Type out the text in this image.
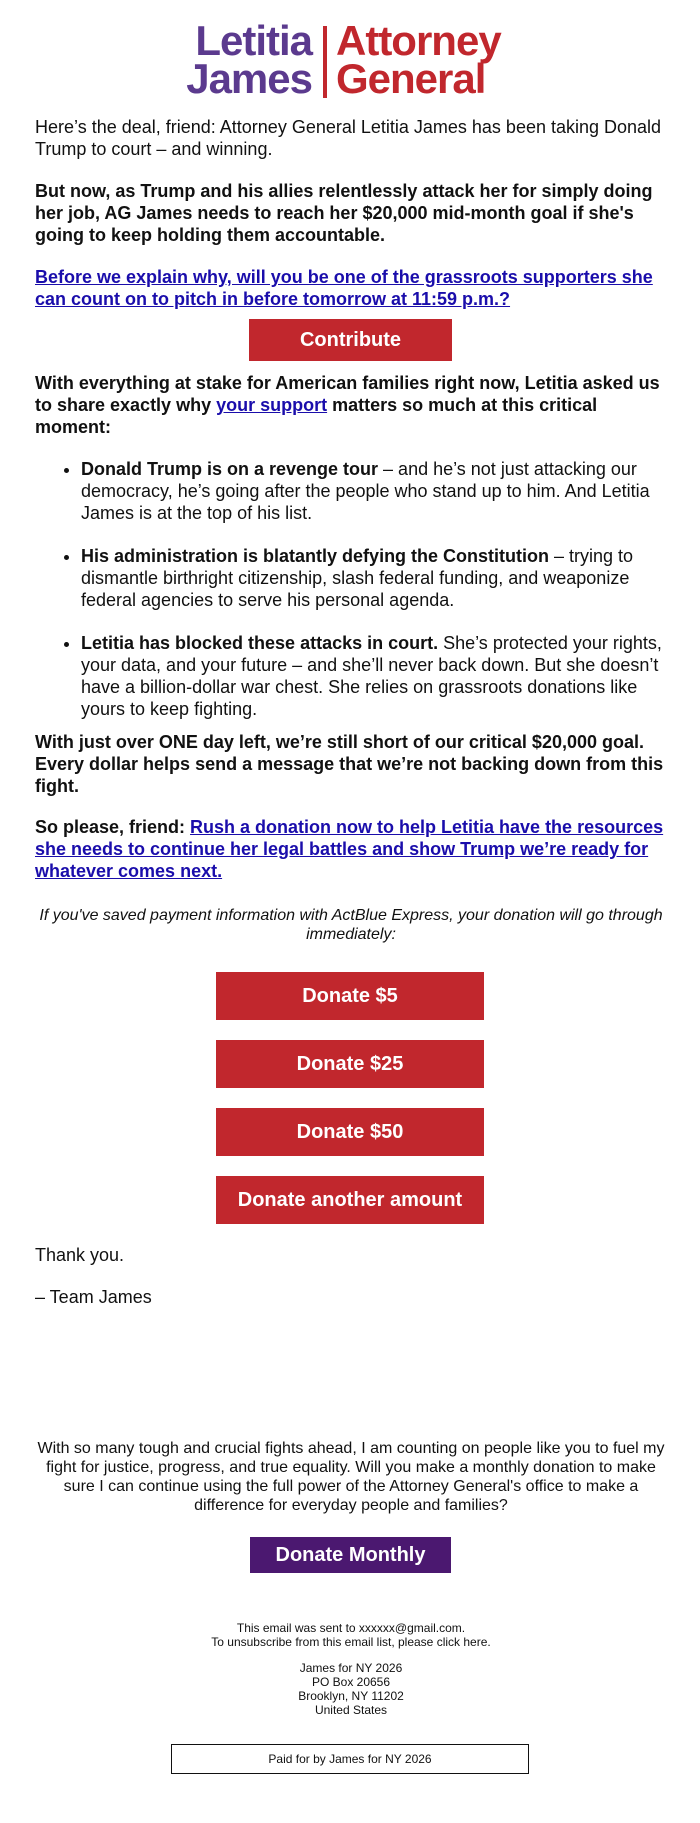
Letitia
James
Attorney
General

Here’s the deal, friend: Attorney General Letitia James has been taking Donald Trump to court – and winning.

But now, as Trump and his allies relentlessly attack her for simply doing her job, AG James needs to reach her $20,000 mid-month goal if she's going to keep holding them accountable.

Before we explain why, will you be one of the grassroots supporters she can count on to pitch in before tomorrow at 11:59 p.m.?

Contribute

With everything at stake for American families right now, Letitia asked us to share exactly why your support matters so much at this critical moment:

• Donald Trump is on a revenge tour – and he’s not just attacking our democracy, he’s going after the people who stand up to him. And Letitia James is at the top of his list.
• His administration is blatantly defying the Constitution – trying to dismantle birthright citizenship, slash federal funding, and weaponize federal agencies to serve his personal agenda.
• Letitia has blocked these attacks in court. She’s protected your rights, your data, and your future – and she’ll never back down. But she doesn’t have a billion-dollar war chest. She relies on grassroots donations like yours to keep fighting.

With just over ONE day left, we’re still short of our critical $20,000 goal. Every dollar helps send a message that we’re not backing down from this fight.

So please, friend: Rush a donation now to help Letitia have the resources she needs to continue her legal battles and show Trump we’re ready for whatever comes next.

If you've saved payment information with ActBlue Express, your donation will go through immediately:

Donate $5
Donate $25
Donate $50
Donate another amount

Thank you.

– Team James

With so many tough and crucial fights ahead, I am counting on people like you to fuel my fight for justice, progress, and true equality. Will you make a monthly donation to make sure I can continue using the full power of the Attorney General's office to make a difference for everyday people and families?

Donate Monthly
This email was sent to xxxxxx@gmail.com.
To unsubscribe from this email list, please click here.
James for NY 2026
PO Box 20656
Brooklyn, NY 11202
United States
Paid for by James for NY 2026
